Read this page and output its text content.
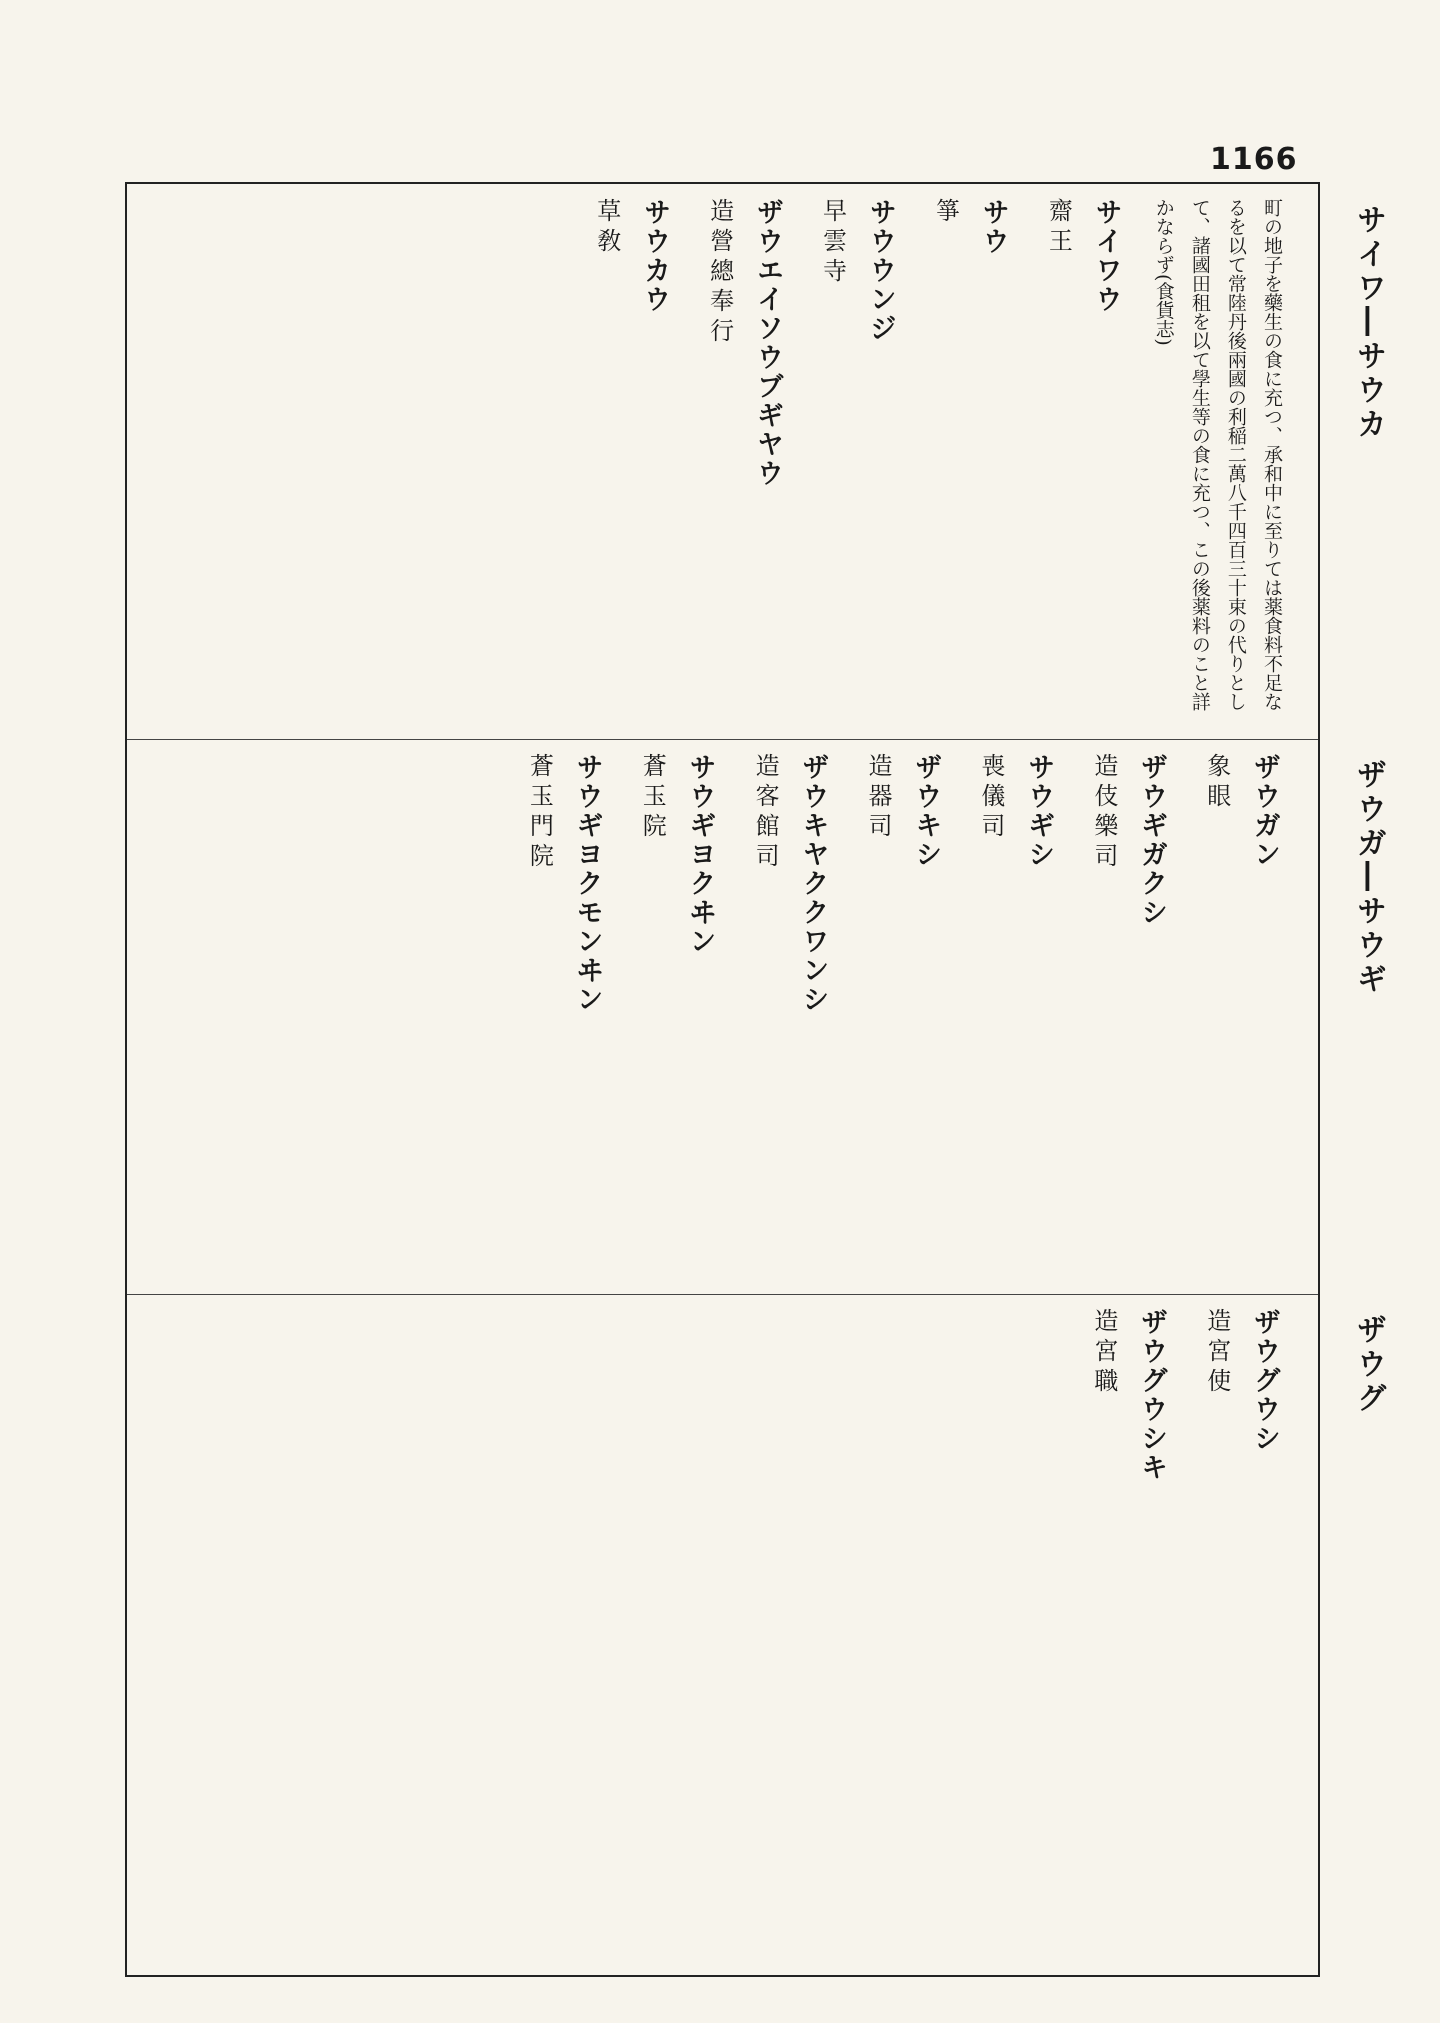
1166
サイワ―サウカ

町の地子を藥生の食に充つ、承和中に至りては薬食料不足なるを以て常陸丹後兩國の利稲二萬八千四百三十束の代りとして、諸國田租を以て學生等の食に充つ、この後薬料のこと詳かならず(食貨志)

サイワウ
齋王
サウ
箏
サウウンジ
早雲寺
ザウエイソウブギヤウ
造營總奉行
サウカウ
草敎
ザウガ―サウギ
ザウガン
象眼
ザウギガクシ
造伎樂司
サウギシ
喪儀司
ザウキシ
造器司
ザウキヤククワンシ
造客館司
サウギヨクヰン
蒼玉院
サウギヨクモンヰン
蒼玉門院
ザウグ
ザウグウシ
造宮使
ザウグウシキ
造宮職
